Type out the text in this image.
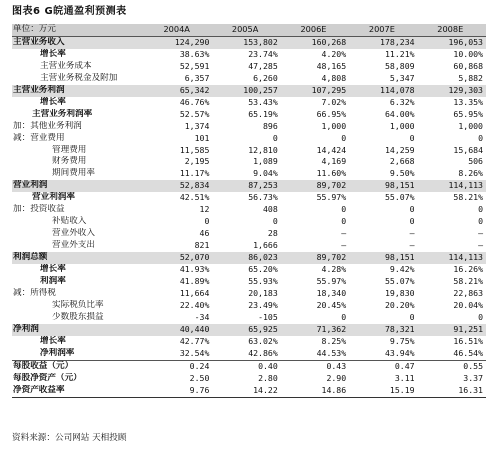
图表6 G皖通盈利预测表
单位：万元	2004A	2005A	2006E	2007E	2008E
主营业务收入	124,290	153,802	160,268	178,234	196,053
增长率	38.63%	23.74%	4.20%	11.21%	10.00%
主营业务成本	52,591	47,285	48,165	58,809	60,868
主营业务税金及附加	6,357	6,260	4,808	5,347	5,882
主营业务利润	65,342	100,257	107,295	114,078	129,303
增长率	46.76%	53.43%	7.02%	6.32%	13.35%
主营业务利润率	52.57%	65.19%	66.95%	64.00%	65.95%
加：其他业务利润	1,374	896	1,000	1,000	1,000
减：营业费用	101	0	0	0	0
管理费用	11,585	12,810	14,424	14,259	15,684
财务费用	2,195	1,089	4,169	2,668	506
期间费用率	11.17%	9.04%	11.60%	9.50%	8.26%
营业利润	52,834	87,253	89,702	98,151	114,113
营业利润率	42.51%	56.73%	55.97%	55.07%	58.21%
加：投资收益	12	408	0	0	0
补贴收入	0	0	0	0	0
营业外收入	46	28	–	–	–
营业外支出	821	1,666	–	–	–
利润总额	52,070	86,023	89,702	98,151	114,113
增长率	41.93%	65.20%	4.28%	9.42%	16.26%
利润率	41.89%	55.93%	55.97%	55.07%	58.21%
减：所得税	11,664	20,183	18,340	19,830	22,863
实际税负比率	22.40%	23.49%	20.45%	20.20%	20.04%
少数股东损益	-34	-105	0	0	0
净利润	40,440	65,925	71,362	78,321	91,251
增长率	42.77%	63.02%	8.25%	9.75%	16.51%
净利润率	32.54%	42.86%	44.53%	43.94%	46.54%
每股收益（元）	0.24	0.40	0.43	0.47	0.55
每股净资产（元）	2.50	2.80	2.90	3.11	3.37
净资产收益率	9.76	14.22	14.86	15.19	16.31
资料来源：公司网站 天相投顾
